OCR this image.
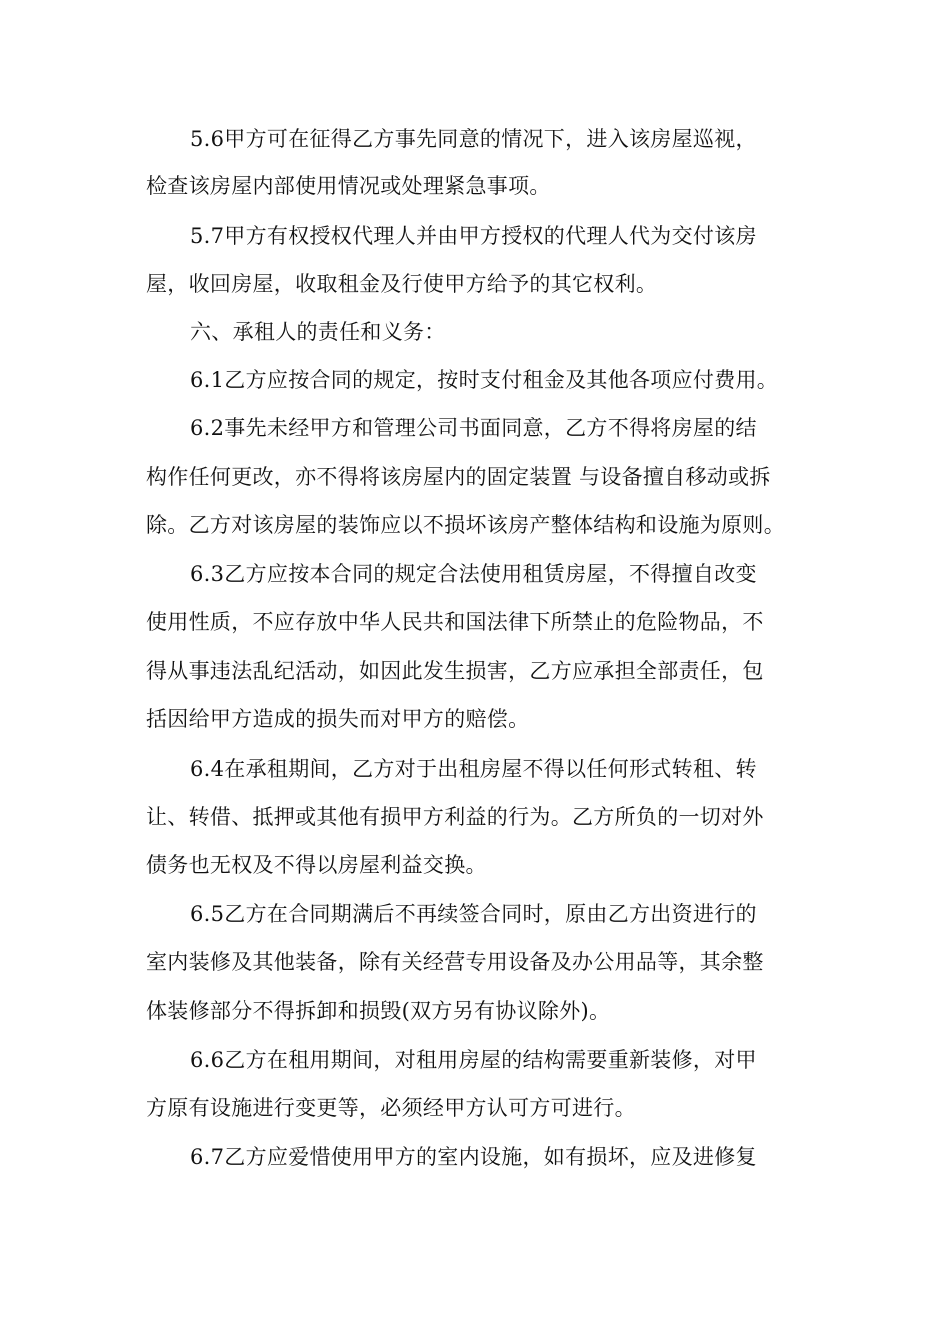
5.6甲方可在征得乙方事先同意的情况下，进入该房屋巡视，
检查该房屋内部使用情况或处理紧急事项。
5.7甲方有权授权代理人并由甲方授权的代理人代为交付该房
屋，收回房屋，收取租金及行使甲方给予的其它权利。
六、承租人的责任和义务：
6.1乙方应按合同的规定，按时支付租金及其他各项应付费用。
6.2事先未经甲方和管理公司书面同意，乙方不得将房屋的结
构作任何更改，亦不得将该房屋内的固定装置 与设备擅自移动或拆
除。乙方对该房屋的装饰应以不损坏该房产整体结构和设施为原则。
6.3乙方应按本合同的规定合法使用租赁房屋，不得擅自改变
使用性质，不应存放中华人民共和国法律下所禁止的危险物品，不
得从事违法乱纪活动，如因此发生损害，乙方应承担全部责任，包
括因给甲方造成的损失而对甲方的赔偿。
6.4在承租期间，乙方对于出租房屋不得以任何形式转租、转
让、转借、抵押或其他有损甲方利益的行为。乙方所负的一切对外
债务也无权及不得以房屋利益交换。
6.5乙方在合同期满后不再续签合同时，原由乙方出资进行的
室内装修及其他装备，除有关经营专用设备及办公用品等，其余整
体装修部分不得拆卸和损毁(双方另有协议除外)。
6.6乙方在租用期间，对租用房屋的结构需要重新装修，对甲
方原有设施进行变更等，必须经甲方认可方可进行。
6.7乙方应爱惜使用甲方的室内设施，如有损坏，应及进修复
